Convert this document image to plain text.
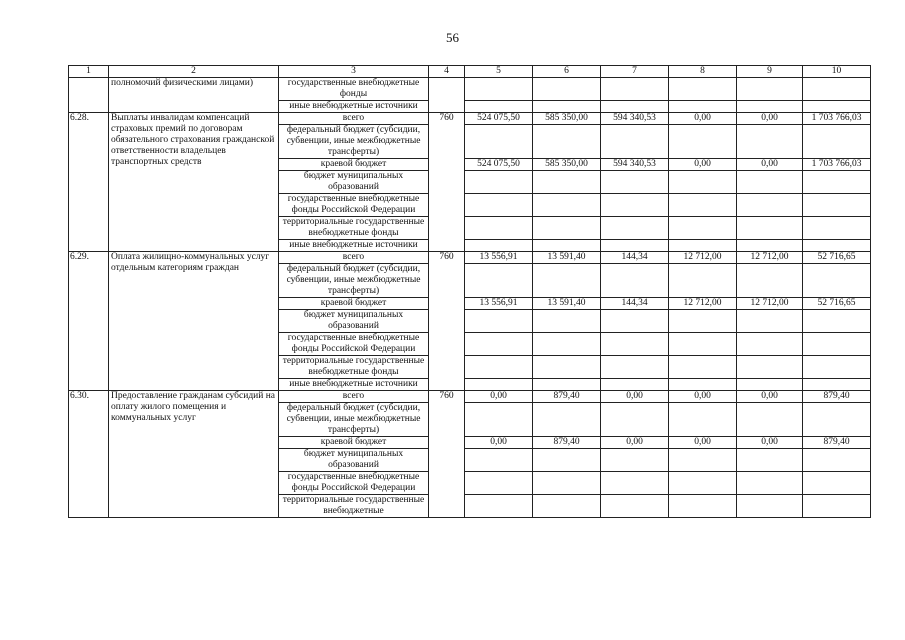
56
1	2	3	4	5	6	7	8	9	10
	полномочий физическими лицами)	государственные внебюджетные фонды							
		иные внебюджетные источники							
6.28.	Выплаты инвалидам компенсаций страховых премий по договорам обязательного страхования гражданской ответственности владельцев транспортных средств	всего	760	524 075,50	585 350,00	594 340,53	0,00	0,00	1 703 766,03
		федеральный бюджет (субсидии, субвенции, иные межбюджетные трансферты)							
		краевой бюджет		524 075,50	585 350,00	594 340,53	0,00	0,00	1 703 766,03
		бюджет муниципальных образований							
		государственные внебюджетные фонды Российской Федерации							
		территориальные государственные внебюджетные фонды							
		иные внебюджетные источники							
6.29.	Оплата жилищно-коммунальных услуг отдельным категориям граждан	всего	760	13 556,91	13 591,40	144,34	12 712,00	12 712,00	52 716,65
		федеральный бюджет (субсидии, субвенции, иные межбюджетные трансферты)							
		краевой бюджет		13 556,91	13 591,40	144,34	12 712,00	12 712,00	52 716,65
		бюджет муниципальных образований							
		государственные внебюджетные фонды Российской Федерации							
		территориальные государственные внебюджетные фонды							
		иные внебюджетные источники							
6.30.	Предоставление гражданам субсидий на оплату жилого помещения и коммунальных услуг	всего	760	0,00	879,40	0,00	0,00	0,00	879,40
		федеральный бюджет (субсидии, субвенции, иные межбюджетные трансферты)							
		краевой бюджет		0,00	879,40	0,00	0,00	0,00	879,40
		бюджет муниципальных образований							
		государственные внебюджетные фонды Российской Федерации							
		территориальные государственные внебюджетные							
